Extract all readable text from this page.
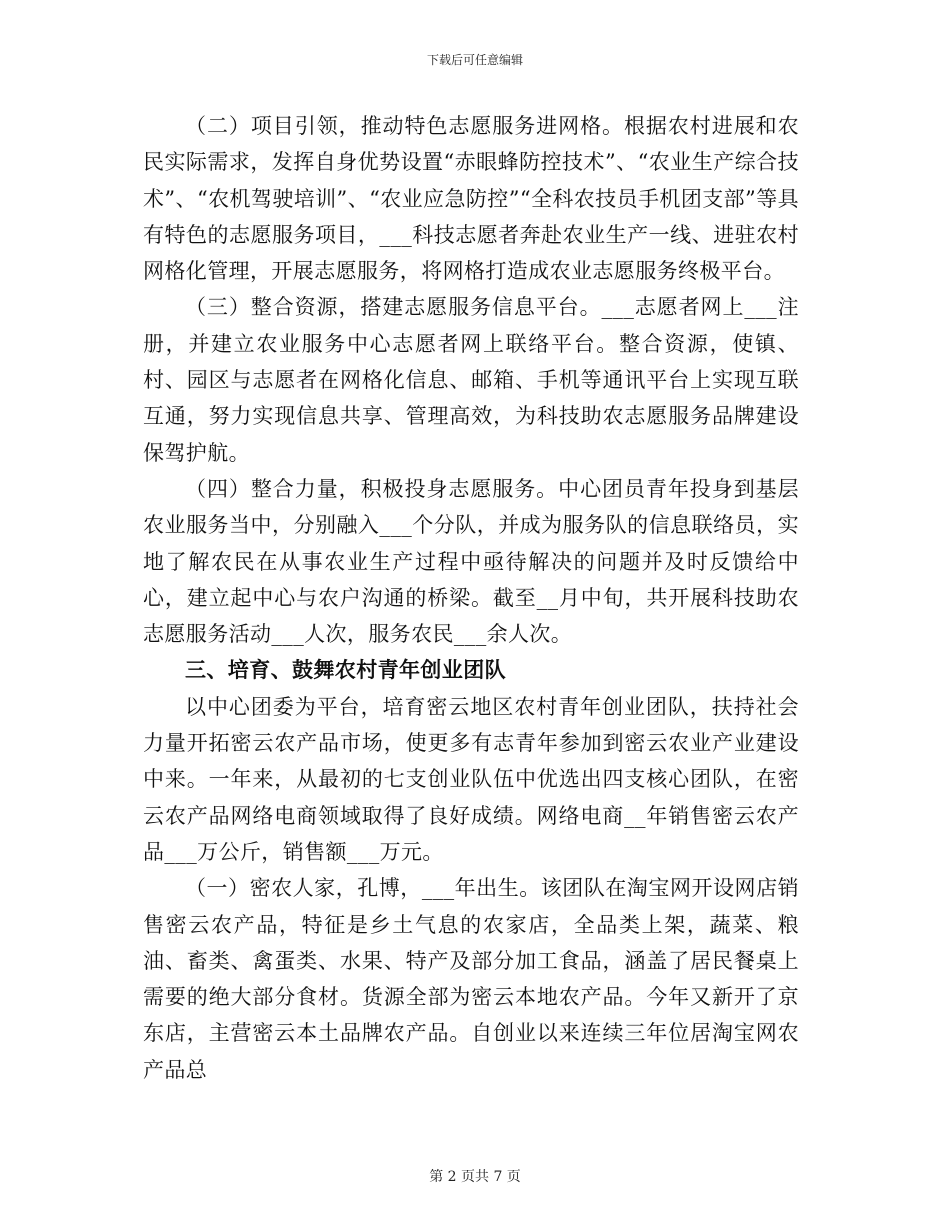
下载后可任意编辑

（二）项目引领，推动特色志愿服务进网格。根据农村进展和农民实际需求，发挥自身优势设置“赤眼蜂防控技术”、“农业生产综合技术”、“农机驾驶培训”、“农业应急防控”“全科农技员手机团支部”等具有特色的志愿服务项目，___科技志愿者奔赴农业生产一线、进驻农村网格化管理，开展志愿服务，将网格打造成农业志愿服务终极平台。

（三）整合资源，搭建志愿服务信息平台。___志愿者网上___注册，并建立农业服务中心志愿者网上联络平台。整合资源，使镇、村、园区与志愿者在网格化信息、邮箱、手机等通讯平台上实现互联互通，努力实现信息共享、管理高效，为科技助农志愿服务品牌建设保驾护航。

（四）整合力量，积极投身志愿服务。中心团员青年投身到基层农业服务当中，分别融入___个分队，并成为服务队的信息联络员，实地了解农民在从事农业生产过程中亟待解决的问题并及时反馈给中心，建立起中心与农户沟通的桥梁。截至__月中旬，共开展科技助农志愿服务活动___人次，服务农民___余人次。

三、培育、鼓舞农村青年创业团队

以中心团委为平台，培育密云地区农村青年创业团队，扶持社会力量开拓密云农产品市场，使更多有志青年参加到密云农业产业建设中来。一年来，从最初的七支创业队伍中优选出四支核心团队，在密云农产品网络电商领域取得了良好成绩。网络电商__年销售密云农产品___万公斤，销售额___万元。

（一）密农人家，孔博，___年出生。该团队在淘宝网开设网店销售密云农产品，特征是乡土气息的农家店，全品类上架，蔬菜、粮油、畜类、禽蛋类、水果、特产及部分加工食品，涵盖了居民餐桌上需要的绝大部分食材。货源全部为密云本地农产品。今年又新开了京东店，主营密云本土品牌农产品。自创业以来连续三年位居淘宝网农产品总

第 2 页共 7 页
